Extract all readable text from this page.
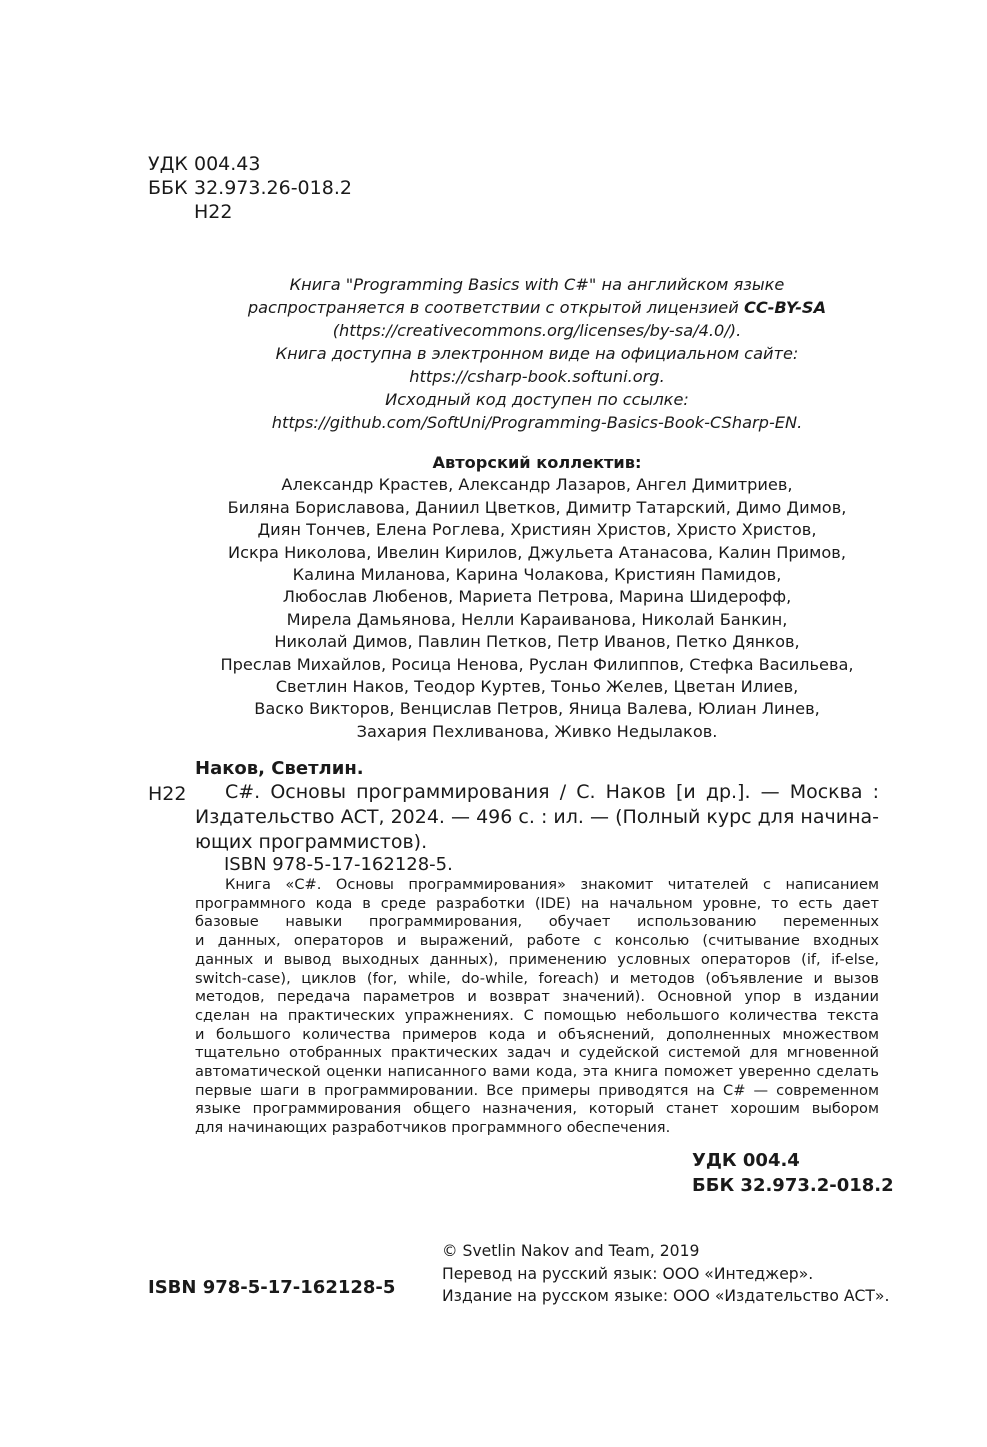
УДК 004.43
ББК 32.973.26-018.2
Н22
Книга "Programming Basics with C#" на английском языке
распространяется в соответствии с открытой лицензией CC-BY-SA
(https://creativecommons.org/licenses/by-sa/4.0/).
Книга доступна в электронном виде на официальном сайте:
https://csharp-book.softuni.org.
Исходный код доступен по ссылке:
https://github.com/SoftUni/Programming-Basics-Book-CSharp-EN.
Авторский коллектив:
Александр Крастев, Александр Лазаров, Ангел Димитриев,
Биляна Бориславова, Даниил Цветков, Димитр Татарский, Димо Димов,
Диян Тончев, Елена Роглева, Християн Христов, Христо Христов,
Искра Николова, Ивелин Кирилов, Джульета Атанасова, Калин Примов,
Калина Миланова, Карина Чолакова, Кристиян Памидов,
Любослав Любенов, Мариета Петрова, Марина Шидерофф,
Мирела Дамьянова, Нелли Караиванова, Николай Банкин,
Николай Димов, Павлин Петков, Петр Иванов, Петко Дянков,
Преслав Михайлов, Росица Ненова, Руслан Филиппов, Стефка Васильева,
Светлин Наков, Теодор Куртев, Тоньо Желев, Цветан Илиев,
Васко Викторов, Венцислав Петров, Яница Валева, Юлиан Линев,
Захария Пехливанова, Живко Недылаков.
Наков, Светлин.
Н22	С#. Основы программирования / С. Наков [и др.]. — Москва :
Издательство АСТ, 2024. — 496 с. : ил. — (Полный курс для начина-
ющих программистов).
ISBN 978-5-17-162128-5.
Книга «C#. Основы программирования» знакомит читателей с написанием
программного кода в среде разработки (IDE) на начальном уровне, то есть дает
базовые навыки программирования, обучает использованию переменных
и данных, операторов и выражений, работе с консолью (считывание входных
данных и вывод выходных данных), применению условных операторов (if, if-else,
switch-case), циклов (for, while, do-while, foreach) и методов (объявление и вызов
методов, передача параметров и возврат значений). Основной упор в издании
сделан на практических упражнениях. С помощью небольшого количества текста
и большого количества примеров кода и объяснений, дополненных множеством
тщательно отобранных практических задач и судейской системой для мгновенной
автоматической оценки написанного вами кода, эта книга поможет уверенно сделать
первые шаги в программировании. Все примеры приводятся на C# — современном
языке программирования общего назначения, который станет хорошим выбором
для начинающих разработчиков программного обеспечения.
УДК 004.4
ББК 32.973.2-018.2
ISBN 978-5-17-162128-5
© Svetlin Nakov and Team, 2019
Перевод на русский язык: ООО «Интеджер».
Издание на русском языке: ООО «Издательство АСТ».
